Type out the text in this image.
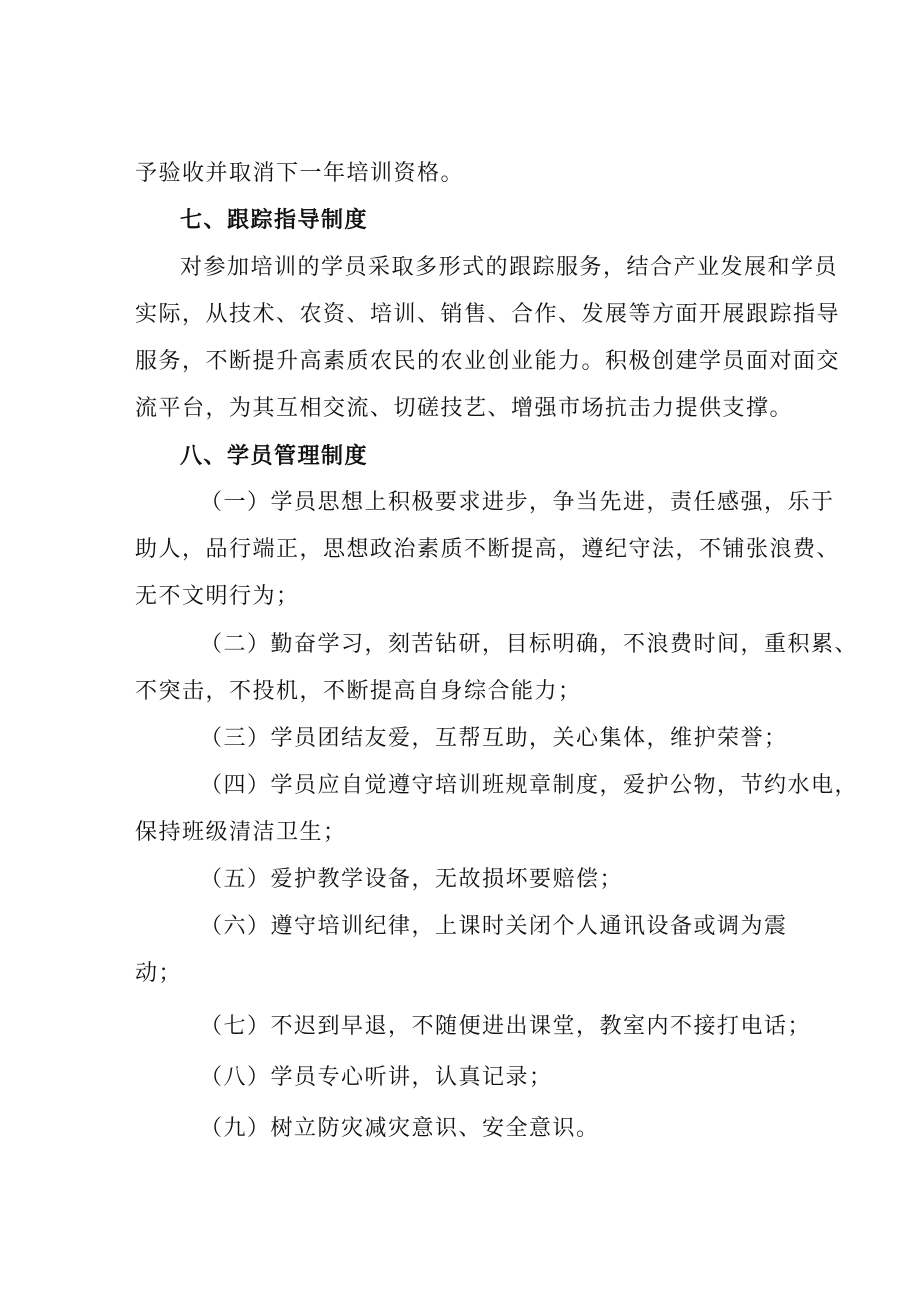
予验收并取消下一年培训资格。
七、跟踪指导制度
对参加培训的学员采取多形式的跟踪服务，结合产业发展和学员
实际，从技术、农资、培训、销售、合作、发展等方面开展跟踪指导
服务，不断提升高素质农民的农业创业能力。积极创建学员面对面交
流平台，为其互相交流、切磋技艺、增强市场抗击力提供支撑。
八、学员管理制度
（一）学员思想上积极要求进步，争当先进，责任感强，乐于
助人，品行端正，思想政治素质不断提高，遵纪守法，不铺张浪费、
无不文明行为；
（二）勤奋学习，刻苦钻研，目标明确，不浪费时间，重积累、
不突击，不投机，不断提高自身综合能力；
（三）学员团结友爱，互帮互助，关心集体，维护荣誉；
（四）学员应自觉遵守培训班规章制度，爱护公物，节约水电，
保持班级清洁卫生；
（五）爱护教学设备，无故损坏要赔偿；
（六）遵守培训纪律，上课时关闭个人通讯设备或调为震
动；
（七）不迟到早退，不随便进出课堂，教室内不接打电话；
（八）学员专心听讲，认真记录；
（九）树立防灾减灾意识、安全意识。
